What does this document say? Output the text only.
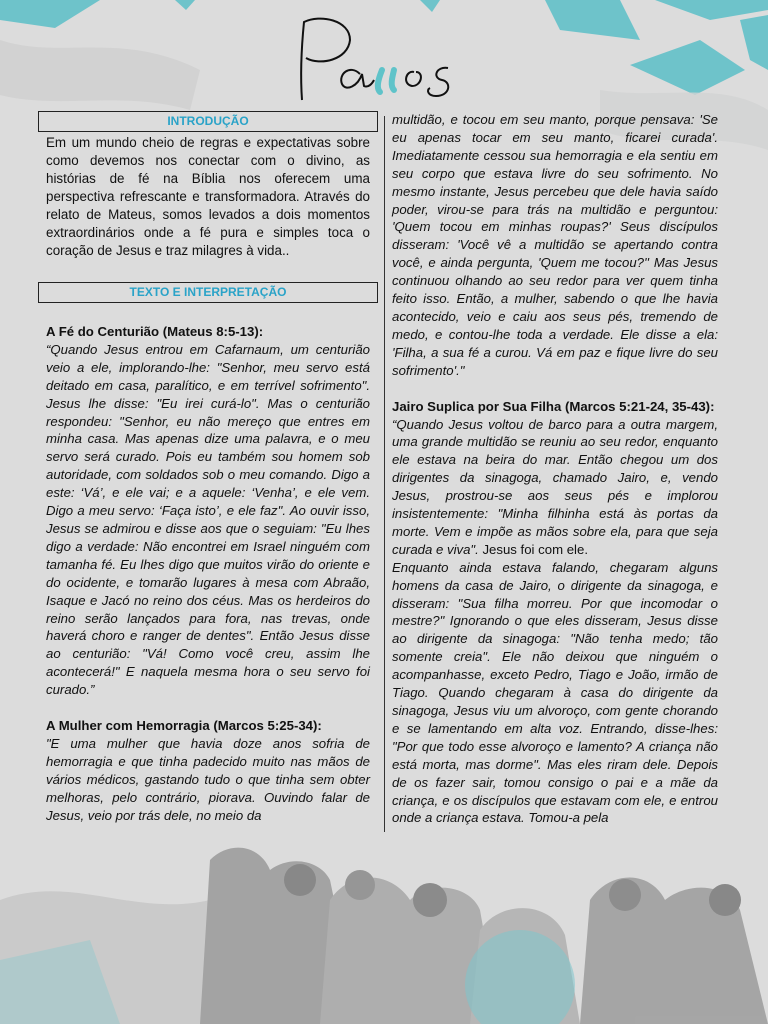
INTRODUÇÃO

Em um mundo cheio de regras e expectativas sobre como devemos nos conectar com o divino, as histórias de fé na Bíblia nos oferecem uma perspectiva refrescante e transformadora. Através do relato de Mateus, somos levados a dois momentos extraordinários onde a fé pura e simples toca o coração de Jesus e traz milagres à vida..

TEXTO E INTERPRETAÇÃO
A Fé do Centurião (Mateus 8:5-13):
“Quando Jesus entrou em Cafarnaum, um centurião veio a ele, implorando-lhe: "Senhor, meu servo está deitado em casa, paralítico, e em terrível sofrimento". Jesus lhe disse: "Eu irei curá-lo". Mas o centurião respondeu: "Senhor, eu não mereço que entres em minha casa. Mas apenas dize uma palavra, e o meu servo será curado. Pois eu também sou homem sob autoridade, com soldados sob o meu comando. Digo a este: ‘Vá’, e ele vai; e a aquele: ‘Venha’, e ele vem. Digo a meu servo: ‘Faça isto’, e ele faz". Ao ouvir isso, Jesus se admirou e disse aos que o seguiam: "Eu lhes digo a verdade: Não encontrei em Israel ninguém com tamanha fé. Eu lhes digo que muitos virão do oriente e do ocidente, e tomarão lugares à mesa com Abraão, Isaque e Jacó no reino dos céus. Mas os herdeiros do reino serão lançados para fora, nas trevas, onde haverá choro e ranger de dentes". Então Jesus disse ao centurião: "Vá! Como você creu, assim lhe acontecerá!" E naquela mesma hora o seu servo foi curado.”
A Mulher com Hemorragia (Marcos 5:25-34):
"E uma mulher que havia doze anos sofria de hemorragia e que tinha padecido muito nas mãos de vários médicos, gastando tudo o que tinha sem obter melhoras, pelo contrário, piorava. Ouvindo falar de Jesus, veio por trás dele, no meio da
multidão, e tocou em seu manto, porque pensava: 'Se eu apenas tocar em seu manto, ficarei curada'. Imediatamente cessou sua hemorragia e ela sentiu em seu corpo que estava livre do seu sofrimento. No mesmo instante, Jesus percebeu que dele havia saído poder, virou-se para trás na multidão e perguntou: 'Quem tocou em minhas roupas?' Seus discípulos disseram: 'Você vê a multidão se apertando contra você, e ainda pergunta, 'Quem me tocou?'' Mas Jesus continuou olhando ao seu redor para ver quem tinha feito isso. Então, a mulher, sabendo o que lhe havia acontecido, veio e caiu aos seus pés, tremendo de medo, e contou-lhe toda a verdade. Ele disse a ela: 'Filha, a sua fé a curou. Vá em paz e fique livre do seu sofrimento'."
Jairo Suplica por Sua Filha (Marcos 5:21-24, 35-43):
“Quando Jesus voltou de barco para a outra margem, uma grande multidão se reuniu ao seu redor, enquanto ele estava na beira do mar. Então chegou um dos dirigentes da sinagoga, chamado Jairo, e, vendo Jesus, prostrou-se aos seus pés e implorou insistentemente: "Minha filhinha está às portas da morte. Vem e impõe as mãos sobre ela, para que seja curada e viva". Jesus foi com ele.
Enquanto ainda estava falando, chegaram alguns homens da casa de Jairo, o dirigente da sinagoga, e disseram: "Sua filha morreu. Por que incomodar o mestre?" Ignorando o que eles disseram, Jesus disse ao dirigente da sinagoga: "Não tenha medo; tão somente creia". Ele não deixou que ninguém o acompanhasse, exceto Pedro, Tiago e João, irmão de Tiago. Quando chegaram à casa do dirigente da sinagoga, Jesus viu um alvoroço, com gente chorando e se lamentando em alta voz. Entrando, disse-lhes: "Por que todo esse alvoroço e lamento? A criança não está morta, mas dorme". Mas eles riram dele. Depois de os fazer sair, tomou consigo o pai e a mãe da criança, e os discípulos que estavam com ele, e entrou onde a criança estava. Tomou-a pela
